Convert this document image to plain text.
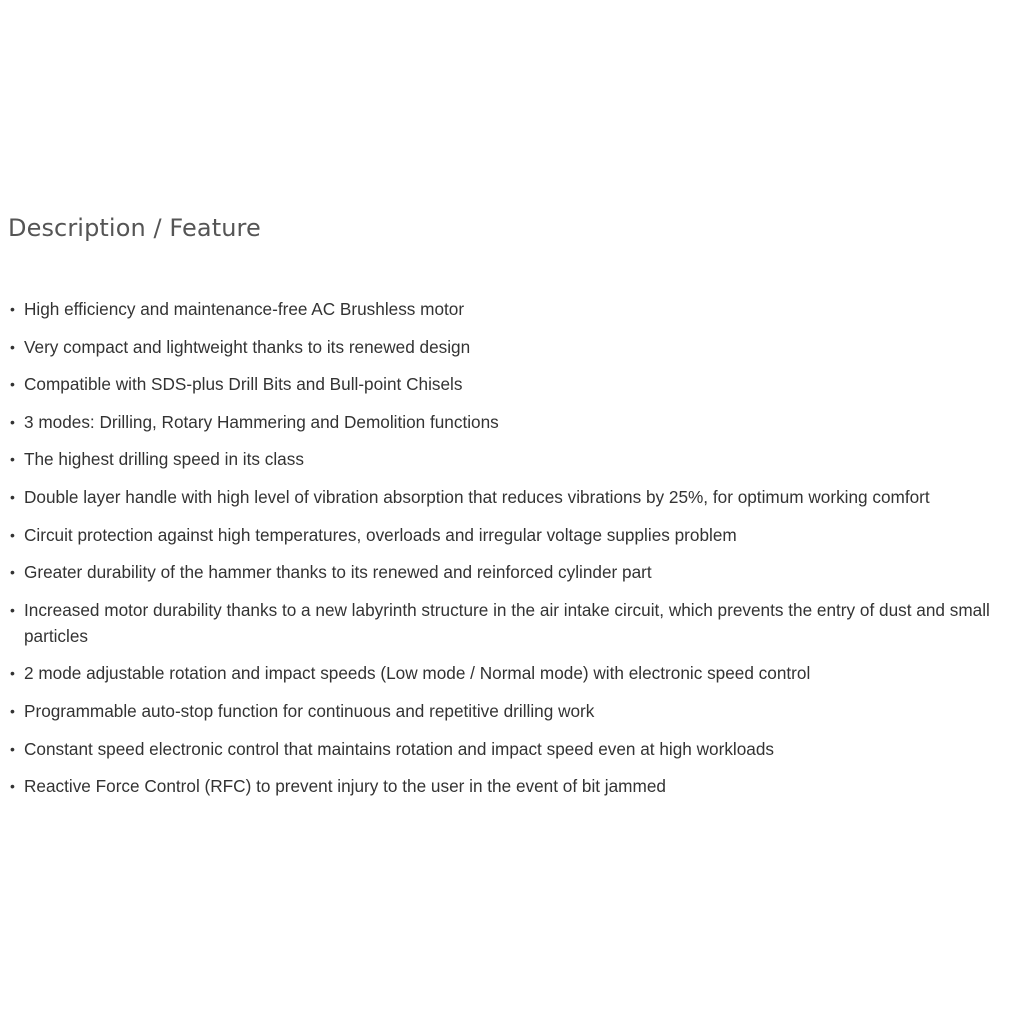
Description / Feature
• High efficiency and maintenance-free AC Brushless motor
• Very compact and lightweight thanks to its renewed design
• Compatible with SDS-plus Drill Bits and Bull-point Chisels
• 3 modes: Drilling, Rotary Hammering and Demolition functions
• The highest drilling speed in its class
• Double layer handle with high level of vibration absorption that reduces vibrations by 25%, for optimum working comfort
• Circuit protection against high temperatures, overloads and irregular voltage supplies problem
• Greater durability of the hammer thanks to its renewed and reinforced cylinder part
• Increased motor durability thanks to a new labyrinth structure in the air intake circuit, which prevents the entry of dust and small particles
• 2 mode adjustable rotation and impact speeds (Low mode / Normal mode) with electronic speed control
• Programmable auto-stop function for continuous and repetitive drilling work
• Constant speed electronic control that maintains rotation and impact speed even at high workloads
• Reactive Force Control (RFC) to prevent injury to the user in the event of bit jammed
